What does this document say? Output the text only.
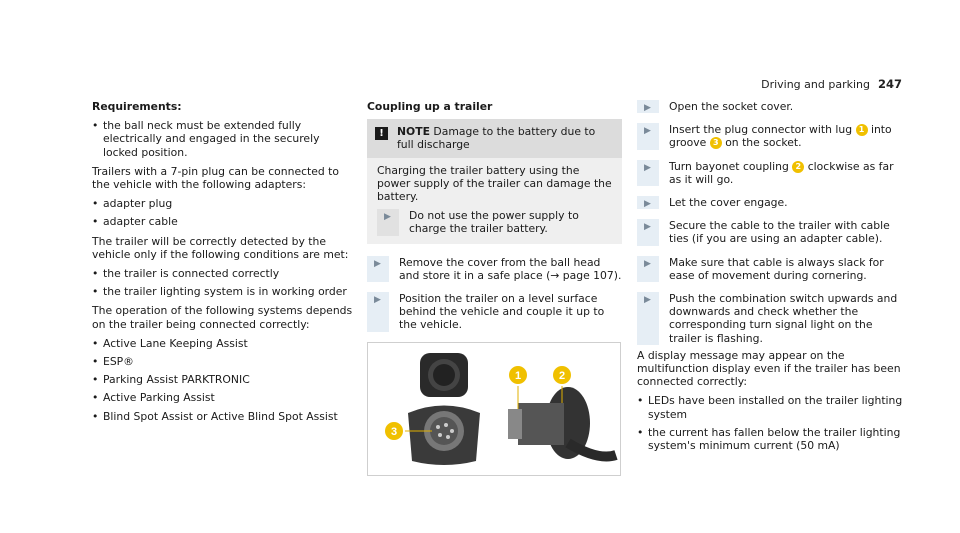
Driving and parking 247

Requirements:

• the ball neck must be extended fully electrically and engaged in the securely locked position.

Trailers with a 7-pin plug can be connected to the vehicle with the following adapters:

• adapter plug
• adapter cable

The trailer will be correctly detected by the vehicle only if the following conditions are met:

• the trailer is connected correctly
• the trailer lighting system is in working order

The operation of the following systems depends on the trailer being connected correctly:

• Active Lane Keeping Assist
• ESP®
• Parking Assist PARKTRONIC
• Active Parking Assist
• Blind Spot Assist or Active Blind Spot Assist

Coupling up a trailer

!	NOTE Damage to the battery due to full discharge
Charging the trailer battery using the power supply of the trailer can damage the battery.
▶ Do not use the power supply to charge the trailer battery.
▶ Remove the cover from the ball head and store it in a safe place (→ page 107).
▶ Position the trailer on a level surface behind the vehicle and couple it up to the vehicle.
1	2
3
▶ Open the socket cover.
▶ Insert the plug connector with lug 1 into groove 3 on the socket.
▶ Turn bayonet coupling 2 clockwise as far as it will go.
▶ Let the cover engage.
▶ Secure the cable to the trailer with cable ties (if you are using an adapter cable).
▶ Make sure that cable is always slack for ease of movement during cornering.
▶ Push the combination switch upwards and downwards and check whether the corresponding turn signal light on the trailer is flashing.

A display message may appear on the multifunction display even if the trailer has been connected correctly:

• LEDs have been installed on the trailer lighting system
• the current has fallen below the trailer lighting system's minimum current (50 mA)
